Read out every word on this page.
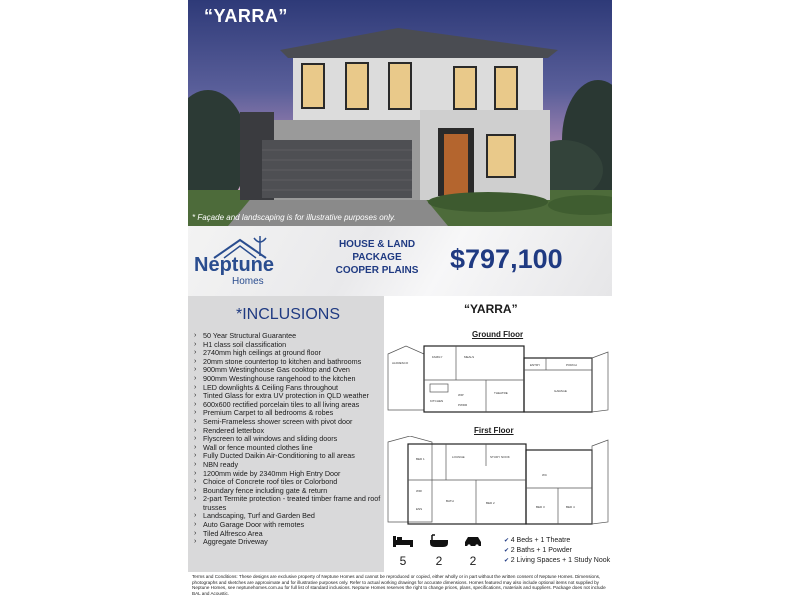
“YARRA”
* Façade and landscaping is for illustrative purposes only.
Neptune
Homes
HOUSE & LAND
PACKAGE
COOPER PLAINS $797,100
*INCLUSIONS
› 50 Year Structural Guarantee
› H1 class soil classification
› 2740mm high ceilings at ground floor
› 20mm stone countertop to kitchen and bathrooms
› 900mm Westinghouse Gas cooktop and Oven
› 900mm Westinghouse rangehood to the kitchen
› LED downlights & Ceiling Fans throughout
› Tinted Glass for extra UV protection in QLD weather
› 600x600 rectified porcelain tiles to all living areas
› Premium Carpet to all bedrooms & robes
› Semi-Frameless shower screen with pivot door
› Rendered letterbox
› Flyscreen to all windows and sliding doors
› Wall or fence mounted clothes line
› Fully Ducted Daikin Air-Conditioning to all areas
› NBN ready
› 1200mm wide by 2340mm High Entry Door
› Choice of Concrete roof tiles or Colorbond
› Boundary fence including gate & return
› 2-part Termite protection - treated timber frame and roof trusses
› Landscaping, Turf and Garden Bed
› Auto Garage Door with remotes
› Tiled Alfresco Area
› Aggregate Driveway
“YARRA”
Ground Floor
ALFRESCO
FAMILY	MEALS
KITCHEN
THEATRE	GARAGE
ENTRY	PORCH
WIP
PWDR
First Floor
BED 1	LOUNGE	STUDY NOOK
BED 2
BED 3	BED 4
BATH
WIR
ENS
WC
5	2	2
✔ 4 Beds + 1 Theatre
✔ 2 Baths + 1 Powder
✔ 2 Living Spaces + 1 Study Nook
Terms and Conditions: These designs are exclusive property of Neptune Homes and cannot be reproduced or copied, either wholly or in part without the written consent of Neptune Homes. Dimensions, photographs and sketches are approximate and for illustrative purposes only. Refer to actual working drawings for accurate dimensions. Homes featured may also include optional items not supplied by Neptune Homes, see neptunehomes.com.au for full list of standard inclusions. Neptune Homes reserves the right to change prices, plans, specifications, materials and suppliers. Package does not include BAL and Acoustic.
